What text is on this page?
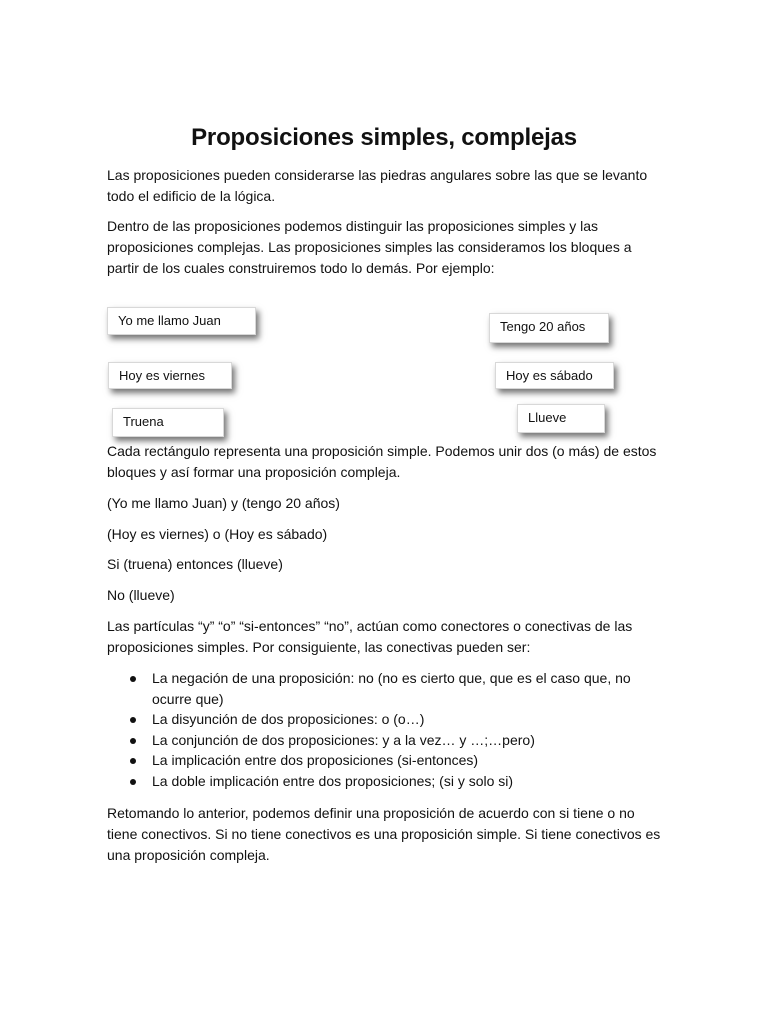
Proposiciones simples, complejas

Las proposiciones pueden considerarse las piedras angulares sobre las que se levanto todo el edificio de la lógica.

Dentro de las proposiciones podemos distinguir las proposiciones simples y las proposiciones complejas. Las proposiciones simples las consideramos los bloques a partir de los cuales construiremos todo lo demás. Por ejemplo:

Yo me llamo Juan	Tengo 20 años
Hoy es viernes	Hoy es sábado
Truena	Llueve

Cada rectángulo representa una proposición simple. Podemos unir dos (o más) de estos bloques y así formar una proposición compleja.

(Yo me llamo Juan) y (tengo 20 años)

(Hoy es viernes) o (Hoy es sábado)

Si (truena) entonces (llueve)

No (llueve)

Las partículas “y” “o” “si-entonces” “no”, actúan como conectores o conectivas de las proposiciones simples. Por consiguiente, las conectivas pueden ser:

La negación de una proposición: no (no es cierto que, que es el caso que, no ocurre que)
La disyunción de dos proposiciones: o (o…)
La conjunción de dos proposiciones: y a la vez… y …;…pero)
La implicación entre dos proposiciones (si-entonces)
La doble implicación entre dos proposiciones; (si y solo si)

Retomando lo anterior, podemos definir una proposición de acuerdo con si tiene o no tiene conectivos. Si no tiene conectivos es una proposición simple. Si tiene conectivos es una proposición compleja.
